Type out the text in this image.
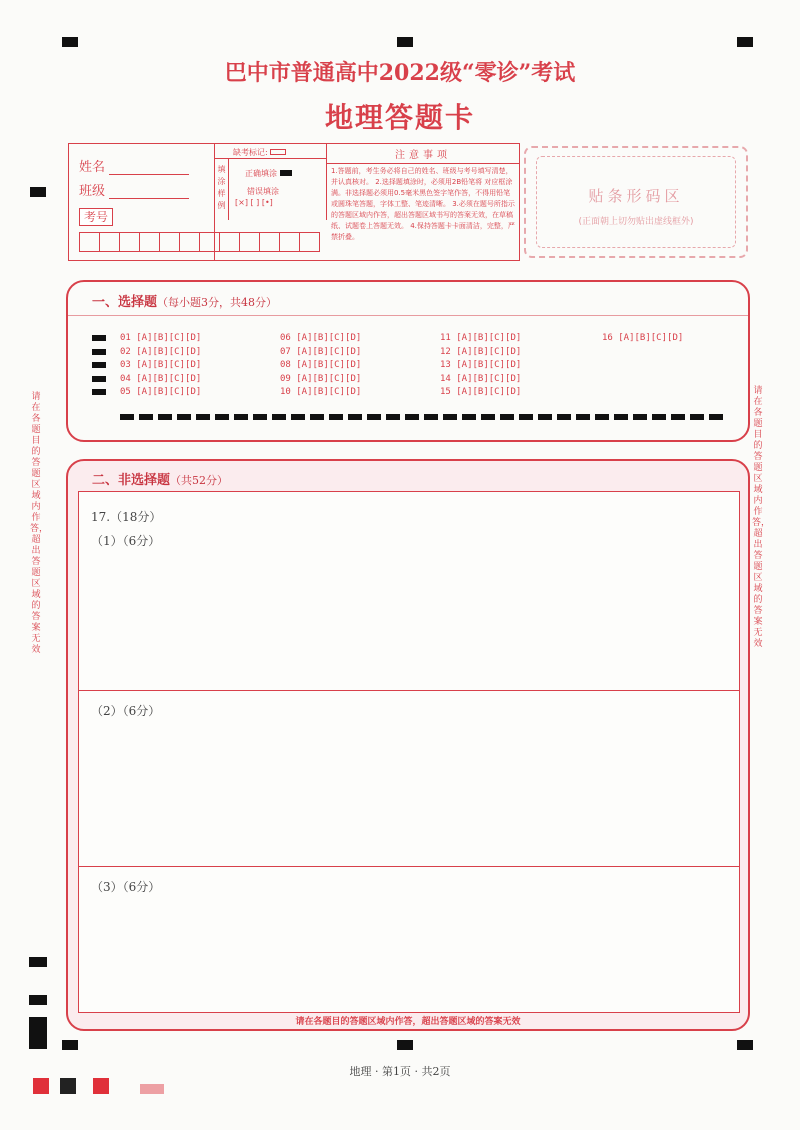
巴中市普通高中2022级“零诊”考试
地理答题卡
姓名
班级
考号
缺考标记:
填涂样例
正确填涂
错误填涂
[×] [ ] [•]
注意事项
1.答题前，考生务必将自己的姓名、班级与考号填写清楚，并认真核对。 2.选择题填涂时，必须用2B铅笔将 对应框涂满。非选择题必须用0.5毫米黑色签字笔作答，不得用铅笔或圆珠笔答题，字体工整、笔迹清晰。 3.必须在题号所指示的答题区域内作答，超出答题区域书写的答案无效，在草稿纸、试题卷上答题无效。 4.保持答题卡卡面清洁，完整，严禁折叠。
贴条形码区
(正面朝上切勿贴出虚线框外)
请在各题目的答题区域内作答，超出答题区域的答案无效
请在各题目的答题区域内作答，超出答题区域的答案无效
一、选择题（每小题3分，共48分）
01 [A][B][C][D]
02 [A][B][C][D]
03 [A][B][C][D]
04 [A][B][C][D]
05 [A][B][C][D]
06 [A][B][C][D]
07 [A][B][C][D]
08 [A][B][C][D]
09 [A][B][C][D]
10 [A][B][C][D]
11 [A][B][C][D]
12 [A][B][C][D]
13 [A][B][C][D]
14 [A][B][C][D]
15 [A][B][C][D]
16 [A][B][C][D]
二、非选择题（共52分）
17.（18分）
（1）（6分）
（2）（6分）
（3）（6分）
请在各题目的答题区域内作答，超出答题区域的答案无效
地理 · 第1页 · 共2页
